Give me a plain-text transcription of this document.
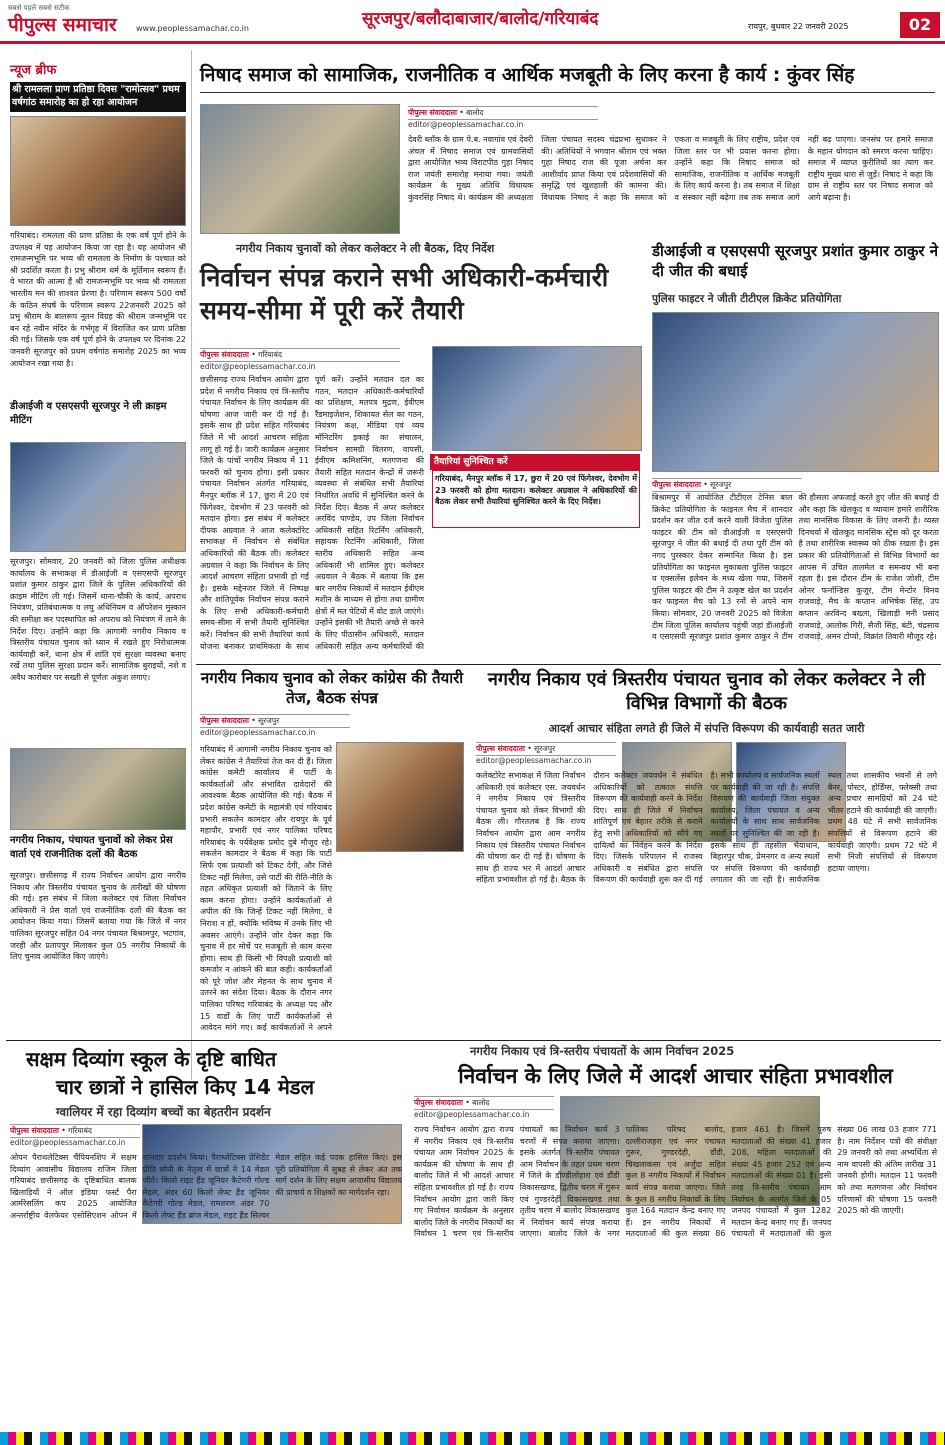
सबसे पहले सबसे सटीक
पीपुल्स समाचार www.peoplessamachar.co.in	सूरजपुर/बलौदाबाजार/बालोद/गरियाबंद	रायपुर, बुधवार 22 जनवरी 2025	02
न्यूज ब्रीफ
श्री रामलला प्राण प्रतिष्ठा दिवस "रामोत्सव" प्रथम वर्षगांठ समारोह का हो रहा आयोजन
गरियाबंद। रामलला की प्राण प्रतिष्ठा के एक वर्ष पूर्ण होने के उपलक्ष्य में यह आयोजन किया जा रहा है। यह आयोजन श्री रामजन्मभूमि पर भव्य श्री रामलला के निर्माण के पश्चात को श्री प्रदर्शित करता है। प्रभु श्रीराम धर्म के मूर्तिमान स्वरूप हैं। वे भारत की आत्मा हैं श्री रामजन्मभूमि पर भव्य श्री रामलला भारतीय मन की शाश्वत प्रेरणा है। परिणाम स्वरूप 500 वर्षों के कठिन संघर्ष के परिणाम स्वरूप 22जनवरी 2025 को प्रभु श्रीराम के बालरूप नूतन विग्रह की श्रीराम जन्मभूमि पर बन रहे नवीन मंदिर के गर्भगृह में विराजित कर प्राण प्रतिष्ठा की गई। जिसके एक वर्ष पूर्ण होने के उपलक्ष्य पर दिनांक 22 जनवरी सूरजपुर को प्रथम वर्षगांठ समारोह 2025 का भव्य आयोजन रखा गया है।
डीआईजी व एसएसपी सूरजपुर ने ली क्राइम मीटिंग
सूरजपुर। सोमवार, 20 जनवरी को जिला पुलिस अधीक्षक कार्यालय के सभाकक्ष में डीआईजी व एसएसपी सूरजपुर प्रशांत कुमार ठाकुर द्वारा जिले के पुलिस अधिकारियों की क्राइम मीटिंग ली गई। जिसमें थाना-चौकी के कार्य, अपराध नियंत्रण, प्रतिबंधात्मक व लघु अधिनियम व ऑपरेशन मुस्कान की समीक्षा कर पदस्थापित को अपराध को नियंत्रण में लाने के निर्देश दिए। उन्होंने कहा कि आगामी नगरीय निकाय व त्रिस्तरीय पंचायत चुनाव को ध्यान में रखते हुए निरोधात्मक कार्यवाही करें, थाना क्षेत्र में शांति एवं सुरक्षा व्यवस्था बनाए रखें तथा पुलिस सुरक्षा प्रदान करें। सामाजिक बुराइयों, नशे व अवैध कारोबार पर सख्ती से पूर्णतः अंकुश लगाएं।
नगरीय निकाय, पंचायत चुनावों को लेकर प्रेस वार्ता एवं राजनीतिक दलों की बैठक
सूरजपुर। छत्तीसगढ़ में राज्य निर्वाचन आयोग द्वारा नगरीय निकाय और त्रिस्तरीय पंचायत चुनाव के तारीखों की घोषणा की गई। इस संबंध में जिला कलेक्टर एवं जिला निर्वाचन अधिकारी ने प्रेस वार्ता एवं राजनीतिक दलों की बैठक का आयोजन किया गया। जिसमें बताया गया कि जिले में नगर पालिका सूरजपुर सहित 04 नगर पंचायत बिश्रामपुर, भटगांव, जरही और प्रतापपुर मिलाकर कुल 05 नगरीय निकायों के लिए चुनाव आयोजित किए जाएंगे।
निषाद समाज को सामाजिक, राजनीतिक व आर्थिक मजबूती के लिए करना है कार्य : कुंवर सिंह
पीपुल्स संवाददाता • बालोद
editor@peoplessamachar.co.in
देवरी ब्लॉक के ग्राम पे.ब. नवागांव एवं देवरी अंचल में निषाद समाज एवं ग्रामवासियों द्वारा आयोजित भव्य विराटपीठ गुहा निषाद राज जयंती समारोह मनाया गया। जयंती कार्यक्रम के मुख्य अतिथि विधायक कुंवरसिंह निषाद थे। कार्यक्रम की अध्यक्षता जिला पंचायत सदस्य चंद्रप्रभा सुधाकर ने की। अतिथियों ने भगवान श्रीराम एवं भक्त गुहा निषाद राज की पूजा अर्चना कर आशीर्वाद प्राप्त किया एवं प्रदेशवासियों की समृद्धि एवं खुशहाली की कामना की। विधायक निषाद ने कहा कि समाज को एकता व मजबूती के लिए राष्ट्रीय, प्रदेश एवं जिला स्तर पर भी प्रयास करना होगा। उन्होंने कहा कि निषाद समाज को सामाजिक, राजनीतिक व आर्थिक मजबूती के लिए कार्य करना है। तब समाज में शिक्षा व संस्कार नहीं बढ़ेगा तब तक समाज आगे नहीं बढ़ पाएगा। जनसंघ पर हमारे समाज के महान योगदान को स्मरण करना चाहिए। समाज में व्याप्त कुरीतियों का त्याग कर राष्ट्रीय मुख्य धारा से जुड़ें। निषाद ने कहा कि ग्राम से राष्ट्रीय स्तर पर निषाद समाज को आगे बढ़ाना है।
नगरीय निकाय चुनावों को लेकर कलेक्टर ने ली बैठक, दिए निर्देश
निर्वाचन संपन्न कराने सभी अधिकारी-कर्मचारी समय-सीमा में पूरी करें तैयारी
पीपुल्स संवाददाता • गरियाबंद
editor@peoplessamachar.co.in
छत्तीसगढ़ राज्य निर्वाचन आयोग द्वारा प्रदेश में नगरीय निकाय एवं त्रि-स्तरीय पंचायत निर्वाचन के लिए कार्यक्रम की घोषणा आज जारी कर दी गई है। इसके साथ ही प्रदेश सहित गरियाबंद जिले में भी आदर्श आचरण संहिता लागू हो गई है। जारी कार्यक्रम अनुसार जिले के पांचों नगरीय निकाय में 11 फरवरी को चुनाव होगा। इसी प्रकार पंचायत निर्वाचन अंतर्गत गरियाबंद, मैनपुर ब्लॉक में 17, छुरा में 20 एवं फिंगेश्वर, देवभोग में 23 फरवरी को मतदान होगा। इस संबंध में कलेक्टर दीपक अग्रवाल ने आज कलेक्टोरेट सभाकक्ष में निर्वाचन से संबंधित अधिकारियों की बैठक ली। कलेक्टर अग्रवाल ने कहा कि निर्वाचन के लिए आदर्श आचरण संहिता प्रभावी हो गई है। इसके मद्देनजर जिले में निष्पक्ष और शांतिपूर्वक निर्वाचन संपन्न कराने के लिए सभी अधिकारी-कर्मचारी समय-सीमा में सभी तैयारी सुनिश्चित करें। निर्वाचन की सभी तैयारियां कार्य योजना बनाकर प्राथमिकता के साथ पूर्ण करें। उन्होंने मतदान दल का गठन, मतदान अधिकारी-कर्मचारियों का प्रशिक्षण, मतपत्र मुद्रण, ईवीएम रैंडमाइजेशन, शिकायत सेल का गठन, नियंत्रण कक्ष, मीडिया एवं व्यय मॉनिटरिंग इकाई का संचालन, निर्वाचन सामग्री वितरण, वापसी, ईवीएम कमिशनिंग, मतगणना की तैयारी सहित मतदान केन्द्रों में जरूरी व्यवस्था से संबंधित सभी तैयारियां निर्धारित अवधि में सुनिश्चित करने के निर्देश दिए। बैठक में अपर कलेक्टर अरविंद पाण्डेय, उप जिला निर्वाचन अधिकारी सहित रिटर्निंग अधिकारी, सहायक रिटर्निंग अधिकारी, जिला स्तरीय अधिकारी सहित अन्य अधिकारी भी शामिल हुए। कलेक्टर अग्रवाल ने बैठक में बताया कि इस बार नगरीय निकायों में मतदान ईवीएम मशीन के माध्यम से होगा तथा ग्रामीण क्षेत्रों में मत पेटियों में वोट डाले जाएंगे। उन्होंने इसकी भी तैयारी अच्छे से करने के लिए पीठासीन अधिकारी, मतदान अधिकारी सहित अन्य कर्मचारियों की
तैयारियां सुनिश्चित करें
गरियाबंद, मैनपुर ब्लॉक में 17, छुरा में 20 एवं फिंगेश्वर, देवभोग में 23 फरवरी को होगा मतदान। कलेक्टर अग्रवाल ने अधिकारियों की बैठक लेकर सभी तैयारियां सुनिश्चित करने के दिए निर्देश।
डीआईजी व एसएसपी सूरजपुर प्रशांत कुमार ठाकुर ने दी जीत की बधाई
पुलिस फाइटर ने जीती टीटीएल क्रिकेट प्रतियोगिता
पीपुल्स संवाददाता • सूरजपुर
बिश्रामपुर में आयोजित टीटीएल टेनिस बाल क्रिकेट प्रतियोगिता के फाइनल मैच में शानदार प्रदर्शन कर जीत दर्ज करने वाली विजेता पुलिस फाइटर की टीम को डीआईजी व एसएसपी सूरजपुर ने जीत की बधाई दी तथा पूरी टीम को नगद पुरस्कार देकर सम्मानित किया है। इस प्रतियोगिता का फाइनल मुकाबला पुलिस फाइटर व एक्सलेंस इलेवन के मध्य खेला गया, जिसमें पुलिस फाइटर की टीम ने उत्कृष्ट खेल का प्रदर्शन कर फाइनल मैच को 13 रनों से अपने नाम किया। सोमवार, 20 जनवरी 2025 को विजेता टीम जिला पुलिस कार्यालय पहुंची जहां डीआईजी व एसएसपी सूरजपुर प्रशांत कुमार ठाकुर ने टीम की हौसला अफजाई करते हुए जीत की बधाई दी और कहा कि खेलकूद व व्यायाम हमारे शारीरिक तथा मानसिक विकास के लिए जरूरी है। व्यस्त दिनचर्या में खेलकूद मानसिक स्ट्रेस को दूर करता है तथा शारीरिक स्वास्थ्य को ठीक रखता है। इस प्रकार की प्रतियोगिताओं से विभिन्न विभागों का आपस में उचित तालमेल व समन्वय भी बना रहता है। इस दौरान टीम के राजेश जोशी, टीम ओनर फर्नान्डिस कुजूर, टीम मेन्टोर विनय राजवाड़े, मैच के कप्तान अभिषेक सिंह, उप कप्तान अरविन्द बख्ला, खिलाड़ी मनी प्रसाद राजवाड़े, आलोक गिरी, सैजी सिंह, बंटी, चंद्रसाय राजवाड़े, अमन टोप्पो, विक्रांत तिवारी मौजूद रहे।
नगरीय निकाय चुनाव को लेकर कांग्रेस की तैयारी तेज, बैठक संपन्न
पीपुल्स संवाददाता • सूरजपुर
editor@peoplessamachar.co.in
गरियाबंद में आगामी नगरीय निकाय चुनाव को लेकर कांग्रेस ने तैयारियां तेज कर दी हैं। जिला कांग्रेस कमेटी कार्यालय में पार्टी के कार्यकर्ताओं और संभावित दावेदारों की आवश्यक बैठक आयोजित की गई। बैठक में प्रदेश कांग्रेस कमेटी के महामंत्री एवं गरियाबंद प्रभारी सकलेन कामदार और रायपुर के पूर्व महापौर, प्रभारी एवं नगर पालिका परिषद गरियाबंद के पर्यवेक्षक प्रमोद दुबे मौजूद रहे। सकलेन कामदार ने बैठक में कहा कि पार्टी सिर्फ एक प्रत्याशी को टिकट देगी, और जिसे टिकट नहीं मिलेगा, उसे पार्टी की रीति-नीति के तहत अधिकृत प्रत्याशी को जिताने के लिए काम करना होगा। उन्होंने कार्यकर्ताओं से अपील की कि जिन्हें टिकट नहीं मिलेगा, वे निराश न हों, क्योंकि भविष्य में उनके लिए भी अवसर आएंगे। उन्होंने जोर देकर कहा कि चुनाव में हर मोर्चे पर मजबूती से काम करना होगा। साथ ही किसी भी विपक्षी प्रत्याशी को कमजोर न आंकने की बात कही। कार्यकर्ताओं को पूरे जोश और मेहनत के साथ चुनाव में उतरने का संदेश दिया। बैठक के दौरान नगर पालिका परिषद गरियाबंद के अध्यक्ष पद और 15 वार्डों के लिए पार्टी कार्यकर्ताओं से आवेदन मांगे गए। कई कार्यकर्ताओं ने अपने
नगरीय निकाय एवं त्रिस्तरीय पंचायत चुनाव को लेकर कलेक्टर ने ली विभिन्न विभागों की बैठक
आदर्श आचार संहिता लगते ही जिले में संपत्ति विरूपण की कार्यवाही सतत जारी
पीपुल्स संवाददाता • सूरजपुर
editor@peoplessamachar.co.in
कलेक्टोरेट सभाकक्ष में जिला निर्वाचन अधिकारी एवं कलेक्टर एस. जयवर्धन ने नगरीय निकाय एवं त्रिस्तरीय पंचायत चुनाव को लेकर विभागों की बैठक ली। गौरतलब है कि राज्य निर्वाचन आयोग द्वारा आम नगरीय निकाय एवं त्रिस्तरीय पंचायत निर्वाचन की घोषणा कर दी गई है। घोषणा के साथ ही राज्य भर में आदर्श आचार संहिता प्रभावशील हो गई है। बैठक के दौरान कलेक्टर जयवर्धन ने संबंधित अधिकारियों को तत्काल संपत्ति विरूपण की कार्यवाही करने के निर्देश दिए। साथ ही जिले में निर्वाचन शांतिपूर्ण एवं बेहतर तरीके से कराने हेतु सभी अधिकारियों को सौंपे गए दायित्वों का निर्वहन करने के निर्देश दिए। जिसके परिपालन में राजस्व अधिकारी व संबंधित द्वारा संपत्ति विरूपण की कार्यवाही शुरू कर दी गई है। सभी कार्यालय व सार्वजनिक स्थलों पर कार्यवाही की जा रही है। संपत्ति विरूपण की कार्यवाही जिला संयुक्त कार्यालय, जिला पंचायत व अन्य कार्यालयों के साथ साथ सार्वजनिक स्थलों पर सुनिश्चित की जा रही है। इसके साथ ही तहसील भैयाथान, बिहारपुर चौक, प्रेमनगर व अन्य स्थलों पर संपत्ति विरूपण की कार्यवाही लगातार की जा रही है। सार्वजनिक स्थल तथा शासकीय भवनों से लगे बैनर, पोस्टर, होर्डिंग्स, फ्लेक्सी तथा अन्य प्रचार सामग्रियों को 24 घंटे भीतर हटाने की कार्यवाही की जाएगी। प्रथम 48 घंटे में सभी सार्वजनिक संपत्तियों से विरूपण हटाने की कार्यवाही जाएगी। प्रथम 72 घंटे में सभी निजी संपत्तियों से विरूपण हटाया जाएगा।
सक्षम दिव्यांग स्कूल के दृष्टि बाधित
चार छात्रों ने हासिल किए 14 मेडल
ग्वालियर में रहा दिव्यांग बच्चों का बेहतरीन प्रदर्शन
पीपुल्स संवाददाता • गरियाबंद
editor@peoplessamachar.co.in
ओपन पैराथलेटिक्स चैंपियनशिप में सक्षम दिव्यांग आवासीय विद्यालय राजिम जिला गरियाबंद छत्तीसगढ़ के दृष्टिबाधित बालक खिलाड़ियों ने ऑल इंडिया फर्स्ट पैरा आर्मरेसलिंग कप 2025 आयोजित अन्तर्राष्ट्रीय वेलफेयर एसोसिएशन ओपन में शानदार प्रदर्शन किया। पैराथ्लेटिक्स प्रेसिडेंट प्रीति सोनी के नेतृत्व में छात्रों ने 14 मेडल जीते। किलो राइट हैंड जूनियर कैटेगरी गोल्ड मेडल, अंडर 60 किलो लेफ्ट हैंड जूनियर कैटेगरी गोल्ड मेडल, रामशरण अंडर 70 किलो लेफ्ट हैंड ब्रांज मेडल, राइट हैंड सिल्वर मेडल सहित कई पदक हासिल किए। इस पूरी प्रतियोगिता में सुबह से लेकर अंत तक मार्ग दर्शन के लिए सक्षम आवासीय विद्यालय की प्राचार्य व शिक्षकों का मार्गदर्शन रहा।
नगरीय निकाय एवं त्रि-स्तरीय पंचायतों के आम निर्वाचन 2025
निर्वाचन के लिए जिले में आदर्श आचार संहिता प्रभावशील
पीपुल्स संवाददाता • बालोद
editor@peoplessamachar.co.in
राज्य निर्वाचन आयोग द्वारा राज्य में नगरीय निकाय एवं त्रि-स्तरीय पंचायत आम निर्वाचन 2025 के कार्यक्रम की घोषणा के साथ ही बालोद जिले में भी आदर्श आचार संहिता प्रभावशील हो गई है। राज्य निर्वाचन आयोग द्वारा जारी किए गए निर्वाचन कार्यक्रम के अनुसार बालोद जिले के नगरीय निकायों का निर्वाचन 1 चरण एवं त्रि-स्तरीय पंचायतों का निर्वाचन कार्य 3 चरणों में संपन्न कराया जाएगा। इसके अंतर्गत त्रि-स्तरीय पंचायत आम निर्वाचन के तहत प्रथम चरण में जिले के डौण्डीलोहारा एवं डौंडी विकासखण्ड, द्वितीय चरण में गुरूर एवं गुण्डरदेही विकासखण्ड तथा तृतीय चरण में बालोद विकासखण्ड में निर्वाचन कार्य संपन्न कराया जाएगा। बालोद जिले के नगर पालिका परिषद बालोद, दल्लीराजहरा एवं नगर पंचायत गुरूर, गुण्डरदेही, डौंडी, चिखलाकसा एवं अर्जुंदा सहित कुल 8 नगरीय निकायों में निर्वाचन कार्य संपन्न कराया जाएगा। जिले के कुल 8 नगरीय निकायों के लिए कुल 164 मतदान केन्द्र बनाए गए हैं। इन नगरीय निकायों में मतदाताओं की कुल संख्या 86 हजार 461 है। जिसमें पुरुष मतदाताओं की संख्या 41 हजार 208, महिला मतदाताओं की संख्या 45 हजार 252 एवं अन्य मतदाताओं की संख्या 01 है। इसी तरह त्रि-स्तरीय पंचायत आम निर्वाचन के अंतर्गत जिले के 05 जनपद पंचायतों में कुल 1282 मतदान केन्द्र बनाए गए हैं। जनपद पंचायतों में मतदाताओं की कुल संख्या 06 लाख 03 हजार 771 है। नाम निर्देशन पत्रों की संवीक्षा 29 जनवरी को तथा अभ्यर्थिता से नाम वापसी की अंतिम तारीख 31 जनवरी होगी। मतदान 11 फरवरी को तथा मतगणना और निर्वाचन परिणामों की घोषणा 15 फरवरी 2025 को की जाएगी।
